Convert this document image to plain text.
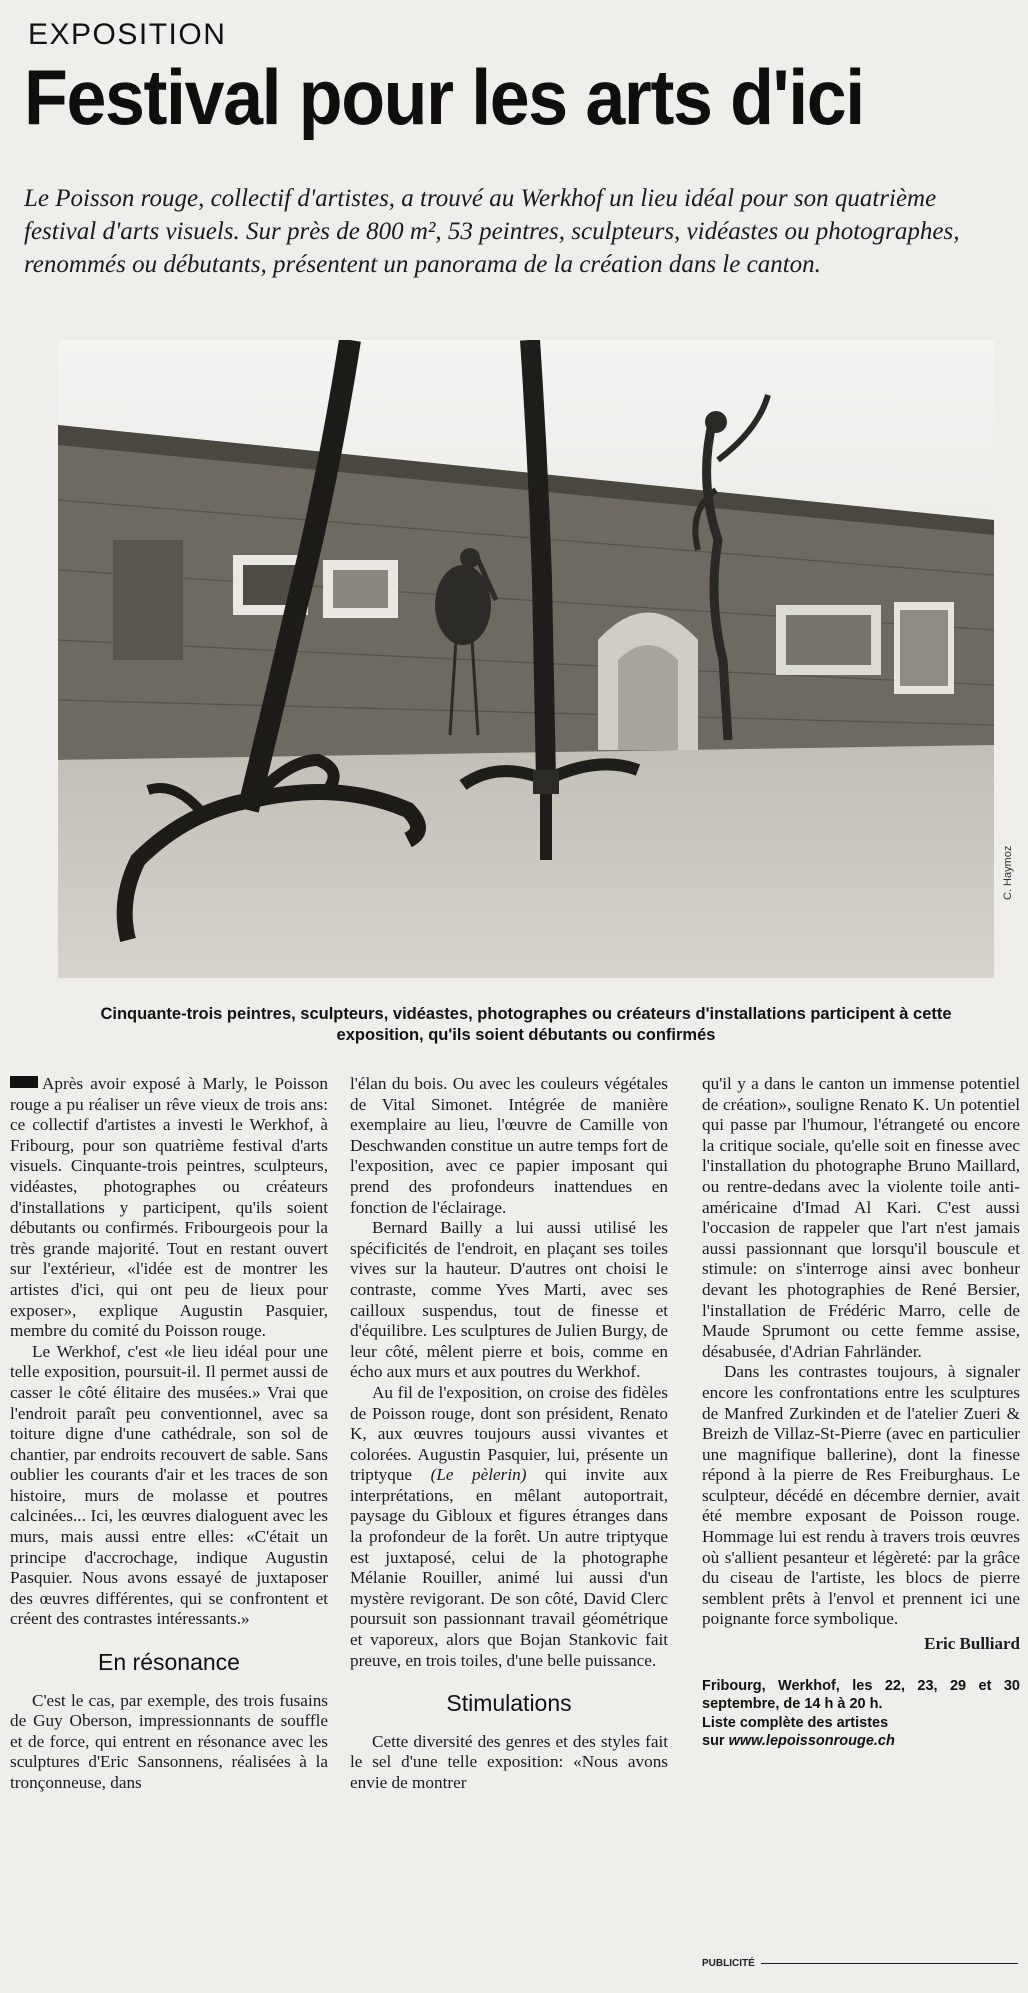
EXPOSITION
Festival pour les arts d'ici
Le Poisson rouge, collectif d'artistes, a trouvé au Werkhof un lieu idéal pour son quatrième festival d'arts visuels. Sur près de 800 m², 53 peintres, sculpteurs, vidéastes ou photographes, renommés ou débutants, présentent un panorama de la création dans le canton.
C. Haymoz
Cinquante-trois peintres, sculpteurs, vidéastes, photographes ou créateurs d'installations participent à cette exposition, qu'ils soient débutants ou confirmés

Après avoir exposé à Marly, le Poisson rouge a pu réaliser un rêve vieux de trois ans: ce collectif d'artistes a investi le Werkhof, à Fribourg, pour son quatrième festival d'arts visuels. Cinquante-trois peintres, sculpteurs, vidéastes, photographes ou créateurs d'installations y participent, qu'ils soient débutants ou confirmés. Fribourgeois pour la très grande majorité. Tout en restant ouvert sur l'extérieur, «l'idée est de montrer les artistes d'ici, qui ont peu de lieux pour exposer», explique Augustin Pasquier, membre du comité du Poisson rouge.

Le Werkhof, c'est «le lieu idéal pour une telle exposition, poursuit-il. Il permet aussi de casser le côté élitaire des musées.» Vrai que l'endroit paraît peu conventionnel, avec sa toiture digne d'une cathédrale, son sol de chantier, par endroits recouvert de sable. Sans oublier les courants d'air et les traces de son histoire, murs de molasse et poutres calcinées... Ici, les œuvres dialoguent avec les murs, mais aussi entre elles: «C'était un principe d'accrochage, indique Augustin Pasquier. Nous avons essayé de juxtaposer des œuvres différentes, qui se confrontent et créent des contrastes intéressants.»

En résonance

C'est le cas, par exemple, des trois fusains de Guy Oberson, impressionnants de souffle et de force, qui entrent en résonance avec les sculptures d'Eric Sansonnens, réalisées à la tronçonneuse, dans

l'élan du bois. Ou avec les couleurs végétales de Vital Simonet. Intégrée de manière exemplaire au lieu, l'œuvre de Camille von Deschwanden constitue un autre temps fort de l'exposition, avec ce papier imposant qui prend des profondeurs inattendues en fonction de l'éclairage.

Bernard Bailly a lui aussi utilisé les spécificités de l'endroit, en plaçant ses toiles vives sur la hauteur. D'autres ont choisi le contraste, comme Yves Marti, avec ses cailloux suspendus, tout de finesse et d'équilibre. Les sculptures de Julien Burgy, de leur côté, mêlent pierre et bois, comme en écho aux murs et aux poutres du Werkhof.

Au fil de l'exposition, on croise des fidèles de Poisson rouge, dont son président, Renato K, aux œuvres toujours aussi vivantes et colorées. Augustin Pasquier, lui, présente un triptyque (Le pèlerin) qui invite aux interprétations, en mêlant autoportrait, paysage du Gibloux et figures étranges dans la profondeur de la forêt. Un autre triptyque est juxtaposé, celui de la photographe Mélanie Rouiller, animé lui aussi d'un mystère revigorant. De son côté, David Clerc poursuit son passionnant travail géométrique et vaporeux, alors que Bojan Stankovic fait preuve, en trois toiles, d'une belle puissance.

Stimulations

Cette diversité des genres et des styles fait le sel d'une telle exposition: «Nous avons envie de montrer

qu'il y a dans le canton un immense potentiel de création», souligne Renato K. Un potentiel qui passe par l'humour, l'étrangeté ou encore la critique sociale, qu'elle soit en finesse avec l'installation du photographe Bruno Maillard, ou rentre-dedans avec la violente toile anti-américaine d'Imad Al Kari. C'est aussi l'occasion de rappeler que l'art n'est jamais aussi passionnant que lorsqu'il bouscule et stimule: on s'interroge ainsi avec bonheur devant les photographies de René Bersier, l'installation de Frédéric Marro, celle de Maude Sprumont ou cette femme assise, désabusée, d'Adrian Fahrländer.

Dans les contrastes toujours, à signaler encore les confrontations entre les sculptures de Manfred Zurkinden et de l'atelier Zueri & Breizh de Villaz-St-Pierre (avec en particulier une magnifique ballerine), dont la finesse répond à la pierre de Res Freiburghaus. Le sculpteur, décédé en décembre dernier, avait été membre exposant de Poisson rouge. Hommage lui est rendu à travers trois œuvres où s'allient pesanteur et légèreté: par la grâce du ciseau de l'artiste, les blocs de pierre semblent prêts à l'envol et prennent ici une poignante force symbolique.

Eric Bulliard
Fribourg, Werkhof, les 22, 23, 29 et 30 septembre, de 14 h à 20 h.
Liste complète des artistes
sur www.lepoissonrouge.ch
PUBLICITÉ
